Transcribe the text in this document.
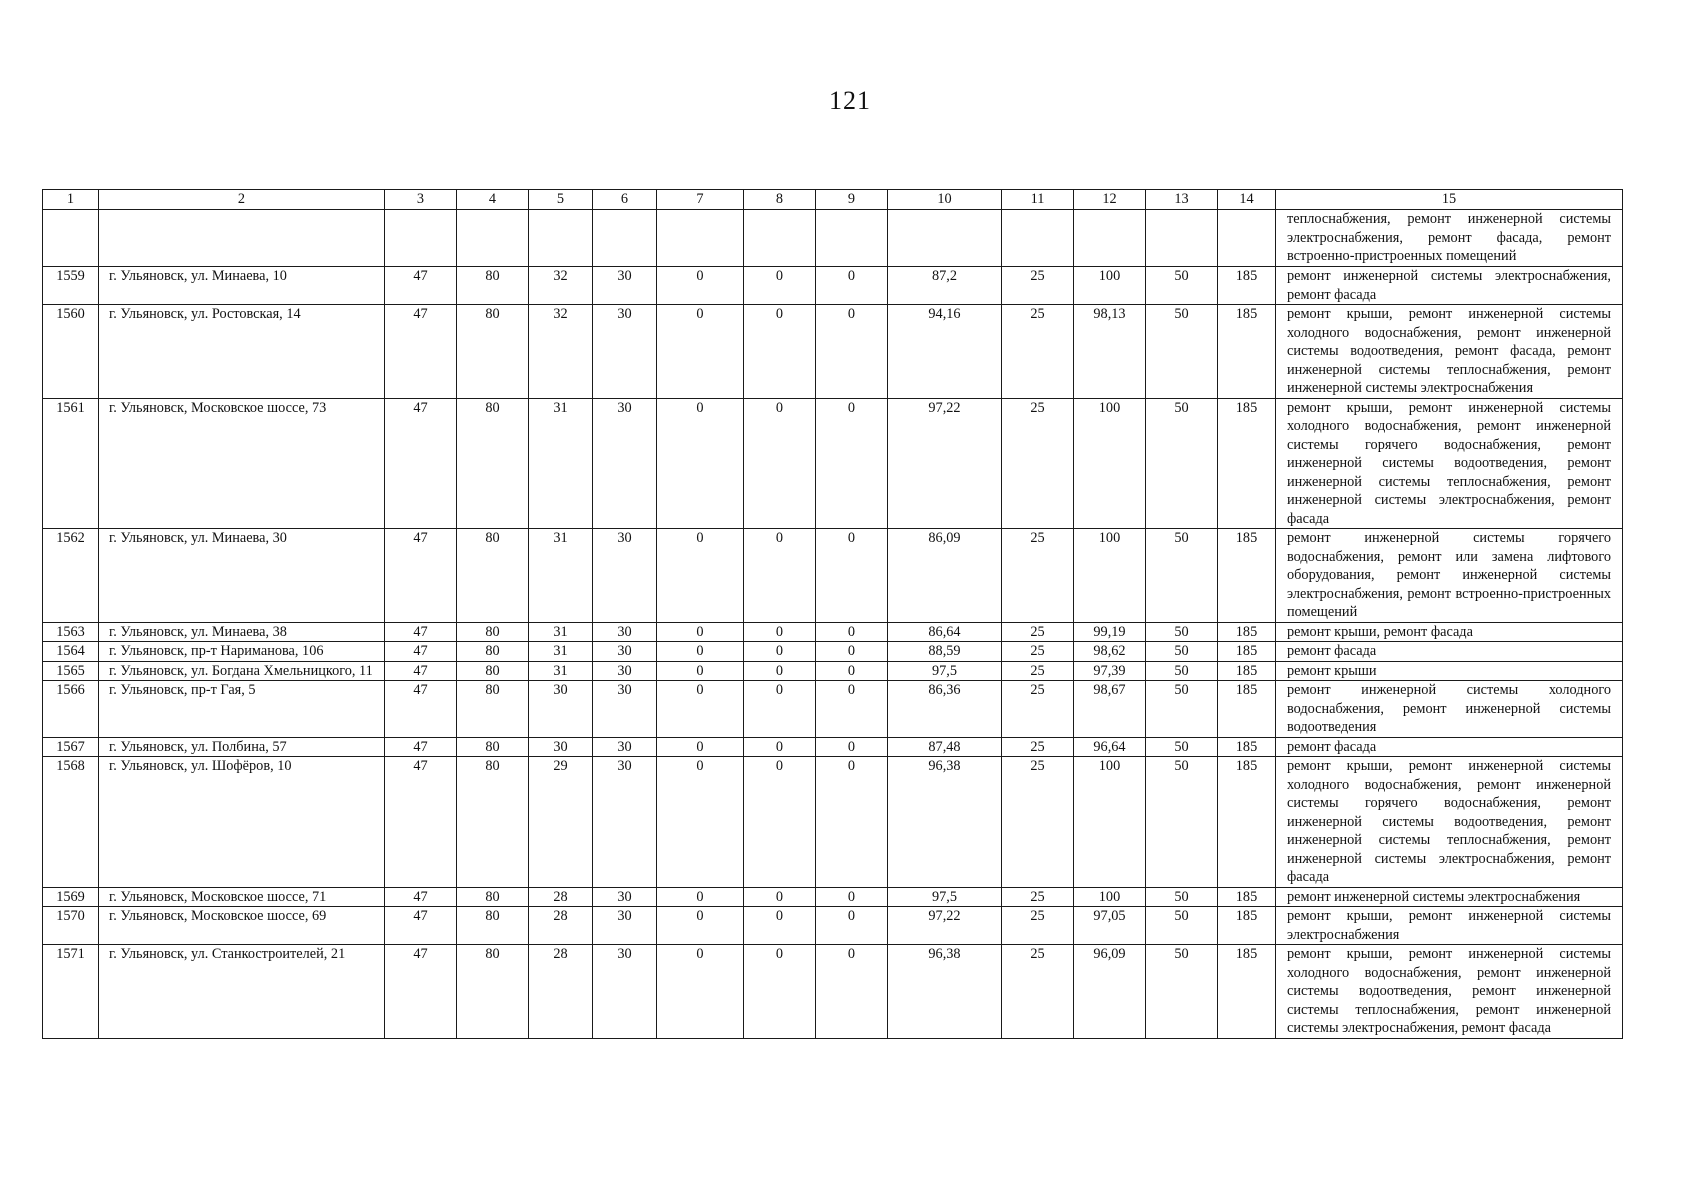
121
1	2	3	4	5	6	7	8	9	10	11	12	13	14	15
														теплоснабжения, ремонт инженерной системы электроснабжения, ремонт фасада, ремонт встроенно-пристроенных помещений
1559	г. Ульяновск, ул. Минаева, 10	47	80	32	30	0	0	0	87,2	25	100	50	185	ремонт инженерной системы электроснабжения, ремонт фасада
1560	г. Ульяновск, ул. Ростовская, 14	47	80	32	30	0	0	0	94,16	25	98,13	50	185	ремонт крыши, ремонт инженерной системы холодного водоснабжения, ремонт инженерной системы водоотведения, ремонт фасада, ремонт инженерной системы теплоснабжения, ремонт инженерной системы электроснабжения
1561	г. Ульяновск, Московское шоссе, 73	47	80	31	30	0	0	0	97,22	25	100	50	185	ремонт крыши, ремонт инженерной системы холодного водоснабжения, ремонт инженерной системы горячего водоснабжения, ремонт инженерной системы водоотведения, ремонт инженерной системы теплоснабжения, ремонт инженерной системы электроснабжения, ремонт фасада
1562	г. Ульяновск, ул. Минаева, 30	47	80	31	30	0	0	0	86,09	25	100	50	185	ремонт инженерной системы горячего водоснабжения, ремонт или замена лифтового оборудования, ремонт инженерной системы электроснабжения, ремонт встроенно-пристроенных помещений
1563	г. Ульяновск, ул. Минаева, 38	47	80	31	30	0	0	0	86,64	25	99,19	50	185	ремонт крыши, ремонт фасада
1564	г. Ульяновск, пр-т Нариманова, 106	47	80	31	30	0	0	0	88,59	25	98,62	50	185	ремонт фасада
1565	г. Ульяновск, ул. Богдана Хмельницкого, 11	47	80	31	30	0	0	0	97,5	25	97,39	50	185	ремонт крыши
1566	г. Ульяновск, пр-т Гая, 5	47	80	30	30	0	0	0	86,36	25	98,67	50	185	ремонт инженерной системы холодного водоснабжения, ремонт инженерной системы водоотведения
1567	г. Ульяновск, ул. Полбина, 57	47	80	30	30	0	0	0	87,48	25	96,64	50	185	ремонт фасада
1568	г. Ульяновск, ул. Шофёров, 10	47	80	29	30	0	0	0	96,38	25	100	50	185	ремонт крыши, ремонт инженерной системы холодного водоснабжения, ремонт инженерной системы горячего водоснабжения, ремонт инженерной системы водоотведения, ремонт инженерной системы теплоснабжения, ремонт инженерной системы электроснабжения, ремонт фасада
1569	г. Ульяновск, Московское шоссе, 71	47	80	28	30	0	0	0	97,5	25	100	50	185	ремонт инженерной системы электроснабжения
1570	г. Ульяновск, Московское шоссе, 69	47	80	28	30	0	0	0	97,22	25	97,05	50	185	ремонт крыши, ремонт инженерной системы электроснабжения
1571	г. Ульяновск, ул. Станкостроителей, 21	47	80	28	30	0	0	0	96,38	25	96,09	50	185	ремонт крыши, ремонт инженерной системы холодного водоснабжения, ремонт инженерной системы водоотведения, ремонт инженерной системы теплоснабжения, ремонт инженерной системы электроснабжения, ремонт фасада
